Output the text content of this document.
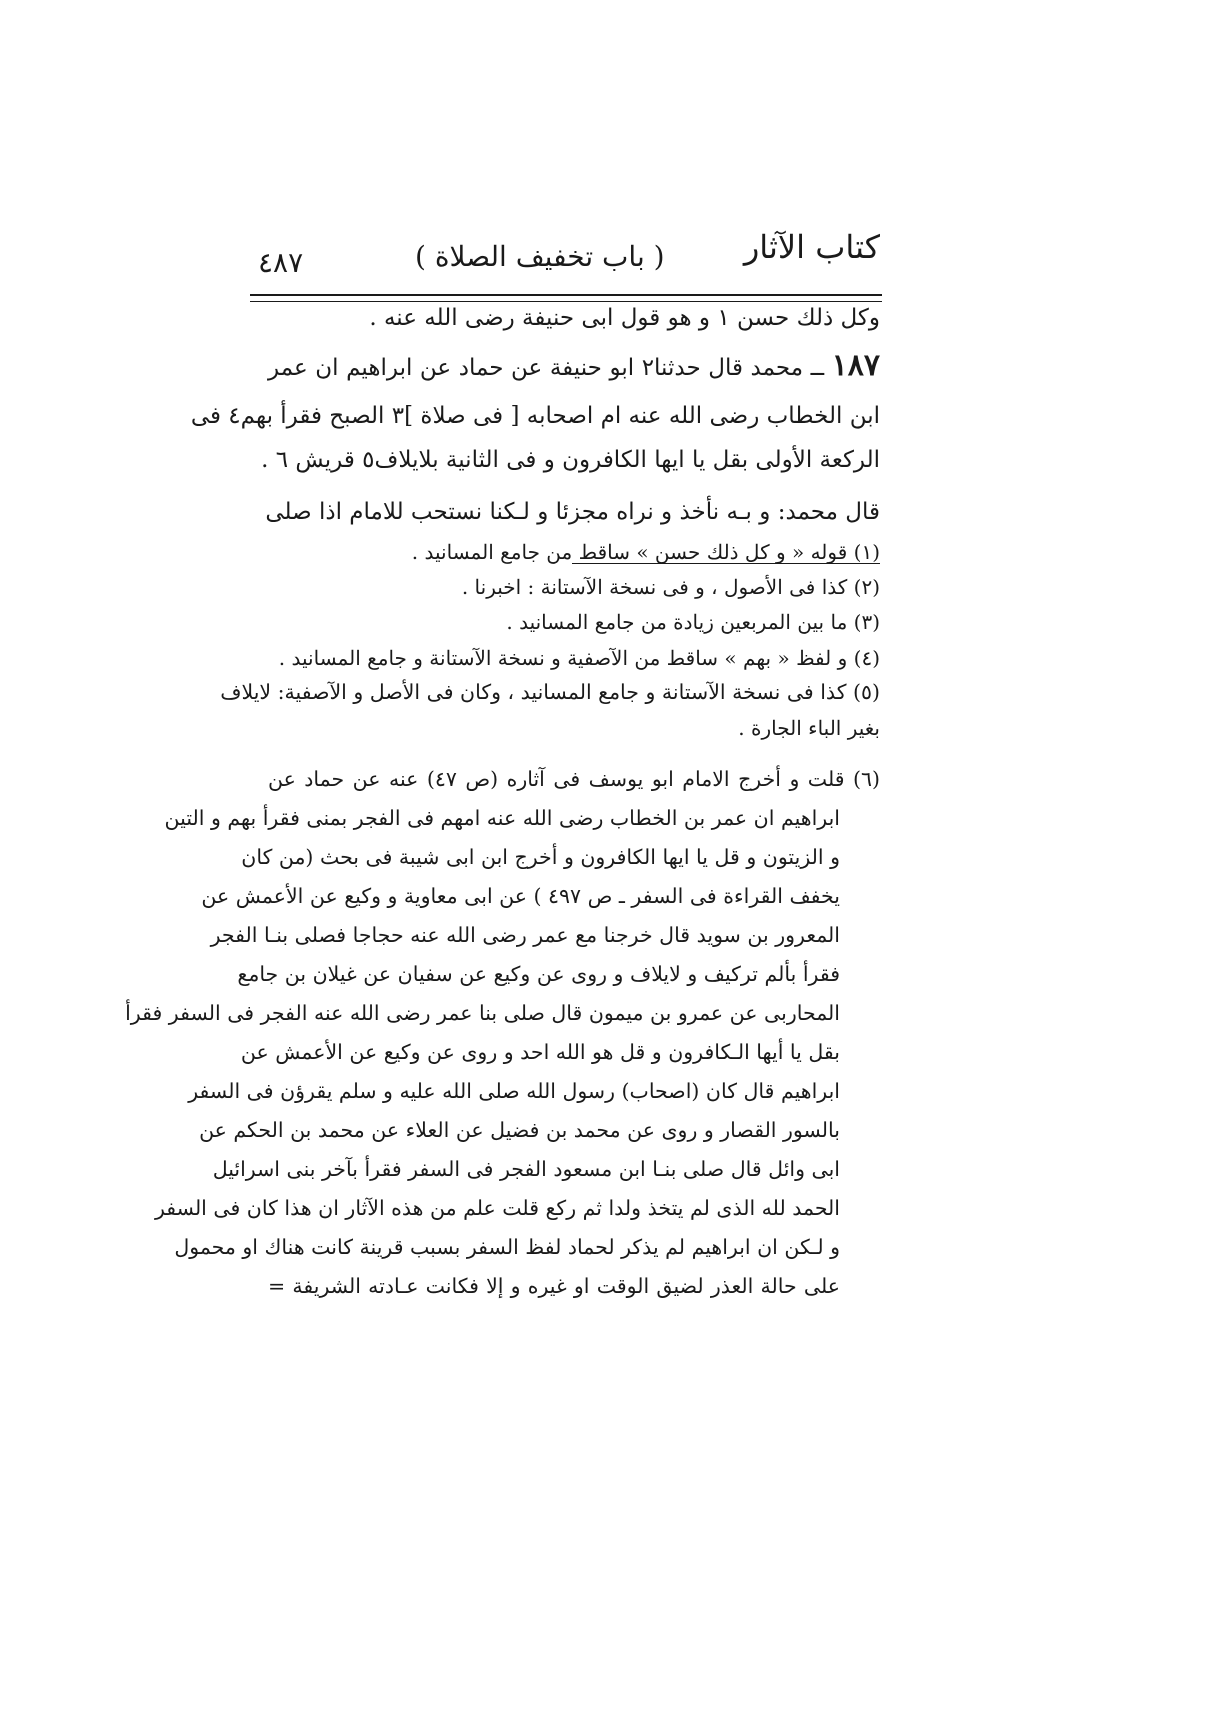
كتاب الآثار
( باب تخفيف الصلاة )
٤٨٧
وكل ذلك حسن ١ و هو قول ابى حنيفة رضى الله عنه .
١٨٧ ــ محمد قال حدثنا٢ ابو حنيفة عن حماد عن ابراهيم ان عمر
ابن الخطاب رضى الله عنه ام اصحابه [ فى صلاة ]٣ الصبح فقرأ بهم٤ فى
الركعة الأولى بقل يا ايها الكافرون و فى الثانية بلايلاف٥ قريش ٦ .
قال محمد: و بـه نأخذ و نراه مجزئا و لـكنا نستحب للامام اذا صلى
(١) قوله « و كل ذلك حسن » ساقط من جامع المسانيد .
(٢) كذا فى الأصول ، و فى نسخة الآستانة : اخبرنا .
(٣) ما بين المربعين زيادة من جامع المسانيد .
(٤) و لفظ « بهم » ساقط من الآصفية و نسخة الآستانة و جامع المسانيد .
(٥) كذا فى نسخة الآستانة و جامع المسانيد ، وكان فى الأصل و الآصفية: لايلاف
بغير الباء الجارة .
(٦) قلت و أخرج الامام ابو يوسف فى آثاره (ص ٤٧) عنه عن حماد عن
ابراهيم ان عمر بن الخطاب رضى الله عنه امهم فى الفجر بمنى فقرأ بهم و التين
و الزيتون و قل يا ايها الكافرون و أخرج ابن ابى شيبة فى بحث (من كان
يخفف القراءة فى السفر ـ ص ٤٩٧ ) عن ابى معاوية و وكيع عن الأعمش عن
المعرور بن سويد قال خرجنا مع عمر رضى الله عنه حجاجا فصلى بنـا الفجر
فقرأ بألم تركيف و لايلاف و روى عن وكيع عن سفيان عن غيلان بن جامع
المحاربى عن عمرو بن ميمون قال صلى بنا عمر رضى الله عنه الفجر فى السفر فقرأ
بقل يا أيها الـكافرون و قل هو الله احد و روى عن وكيع عن الأعمش عن
ابراهيم قال كان (اصحاب) رسول الله صلى الله عليه و سلم يقرؤن فى السفر
بالسور القصار و روى عن محمد بن فضيل عن العلاء عن محمد بن الحكم عن
ابى وائل قال صلى بنـا ابن مسعود الفجر فى السفر فقرأ بآخر بنى اسرائيل
الحمد لله الذى لم يتخذ ولدا ثم ركع قلت علم من هذه الآثار ان هذا كان فى السفر
و لـكن ان ابراهيم لم يذكر لحماد لفظ السفر بسبب قرينة كانت هناك او محمول
على حالة العذر لضيق الوقت او غيره و إلا فكانت عـادته الشريفة =
